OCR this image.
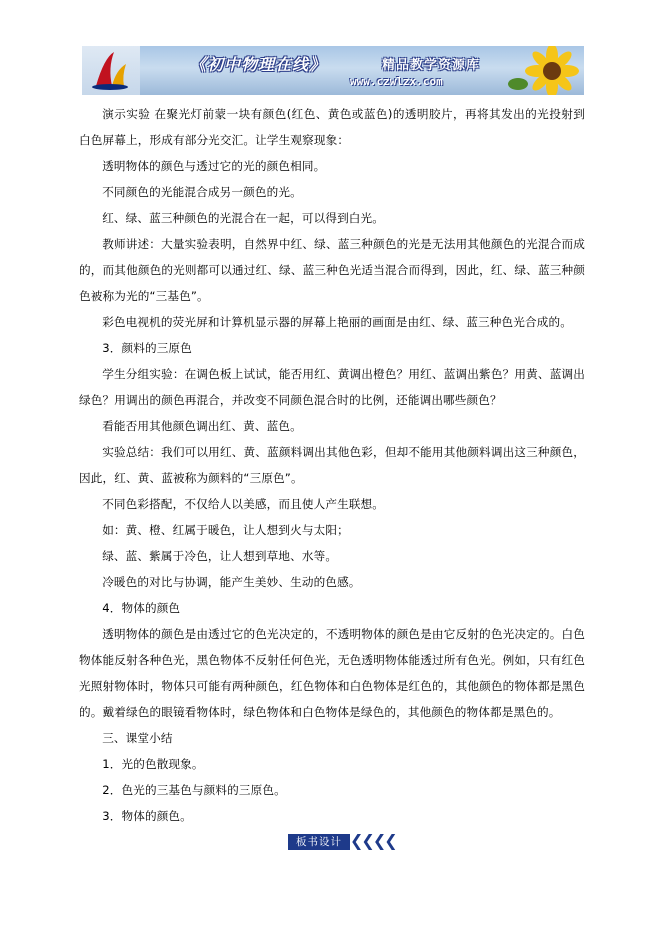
《初中物理在线》	精品教学资源库
www.czwlzx.com

演示实验 在聚光灯前蒙一块有颜色(红色、黄色或蓝色)的透明胶片，再将其发出的光投射到白色屏幕上，形成有部分光交汇。让学生观察现象：

透明物体的颜色与透过它的光的颜色相同。

不同颜色的光能混合成另一颜色的光。

红、绿、蓝三种颜色的光混合在一起，可以得到白光。

教师讲述：大量实验表明，自然界中红、绿、蓝三种颜色的光是无法用其他颜色的光混合而成的，而其他颜色的光则都可以通过红、绿、蓝三种色光适当混合而得到，因此，红、绿、蓝三种颜色被称为光的“三基色”。

彩色电视机的荧光屏和计算机显示器的屏幕上艳丽的画面是由红、绿、蓝三种色光合成的。

3．颜料的三原色

学生分组实验：在调色板上试试，能否用红、黄调出橙色？用红、蓝调出紫色？用黄、蓝调出绿色？用调出的颜色再混合，并改变不同颜色混合时的比例，还能调出哪些颜色？

看能否用其他颜色调出红、黄、蓝色。

实验总结：我们可以用红、黄、蓝颜料调出其他色彩，但却不能用其他颜料调出这三种颜色，因此，红、黄、蓝被称为颜料的“三原色”。

不同色彩搭配，不仅给人以美感，而且使人产生联想。

如：黄、橙、红属于暖色，让人想到火与太阳；

绿、蓝、紫属于冷色，让人想到草地、水等。

冷暖色的对比与协调，能产生美妙、生动的色感。

4．物体的颜色

透明物体的颜色是由透过它的色光决定的，不透明物体的颜色是由它反射的色光决定的。白色物体能反射各种色光，黑色物体不反射任何色光，无色透明物体能透过所有色光。例如，只有红色光照射物体时，物体只可能有两种颜色，红色物体和白色物体是红色的，其他颜色的物体都是黑色的。戴着绿色的眼镜看物体时，绿色物体和白色物体是绿色的，其他颜色的物体都是黑色的。

三、课堂小结

1．光的色散现象。

2．色光的三基色与颜料的三原色。

3．物体的颜色。

板书设计 ❮❮❮❮
